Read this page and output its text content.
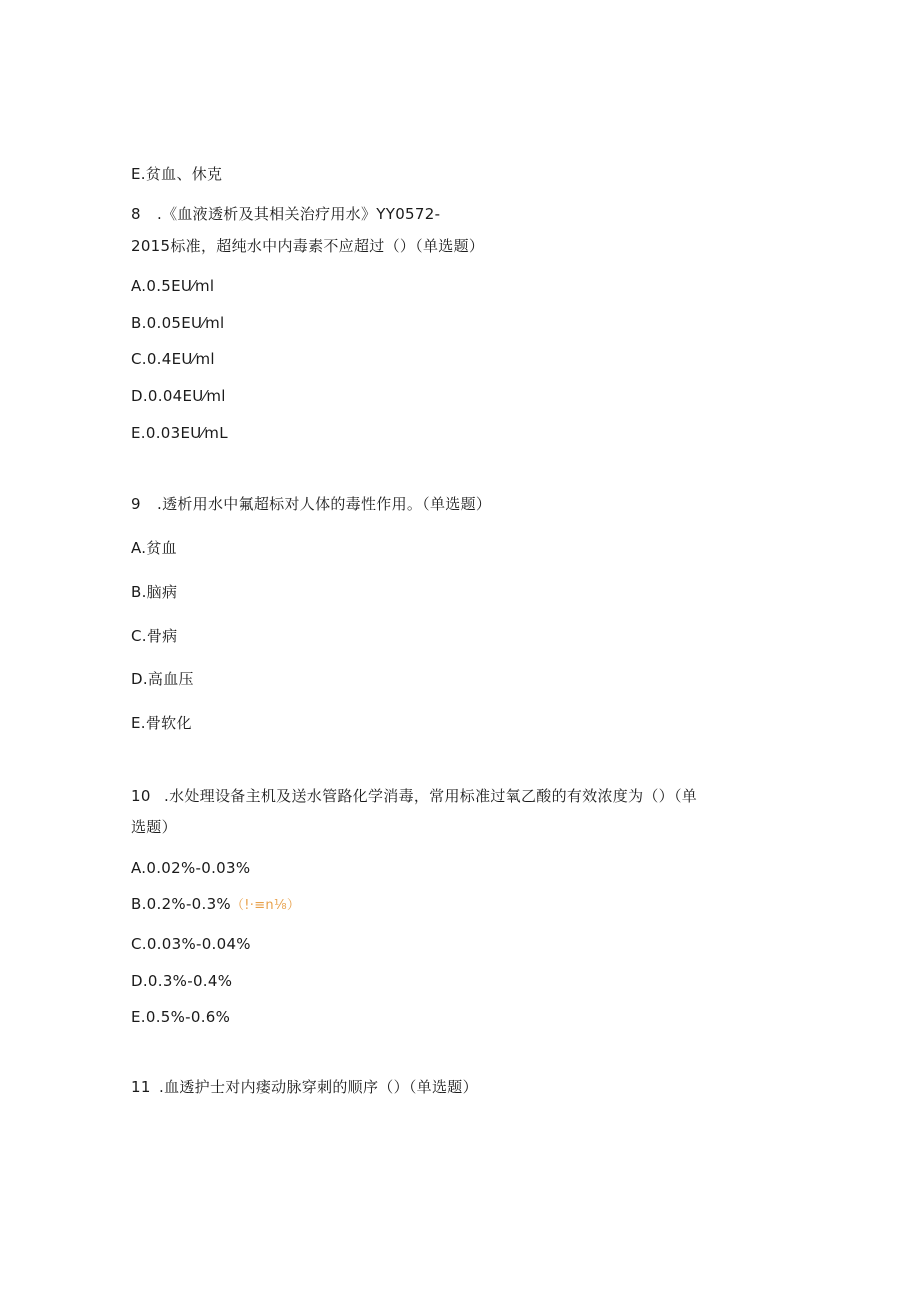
E.贫血、休克
8 .《血液透析及其相关治疗用水》YY0572-
2015标准，超纯水中内毒素不应超过（）（单选题）
A.0.5EU⁄ml
B.0.05EU⁄ml
C.0.4EU⁄ml
D.0.04EU⁄ml
E.0.03EU⁄mL
9 .透析用水中氟超标对人体的毒性作用。（单选题）
A.贫血
B.脑病
C.骨病
D.高血压
E.骨软化
10 .水处理设备主机及送水管路化学消毒，常用标准过氧乙酸的有效浓度为（）（单
选题）
A.0.02%-0.03%
B.0.2%-0.3%（!·≡n⅛）
C.0.03%-0.04%
D.0.3%-0.4%
E.0.5%-0.6%
11 .血透护士对内瘘动脉穿刺的顺序（）（单选题）
